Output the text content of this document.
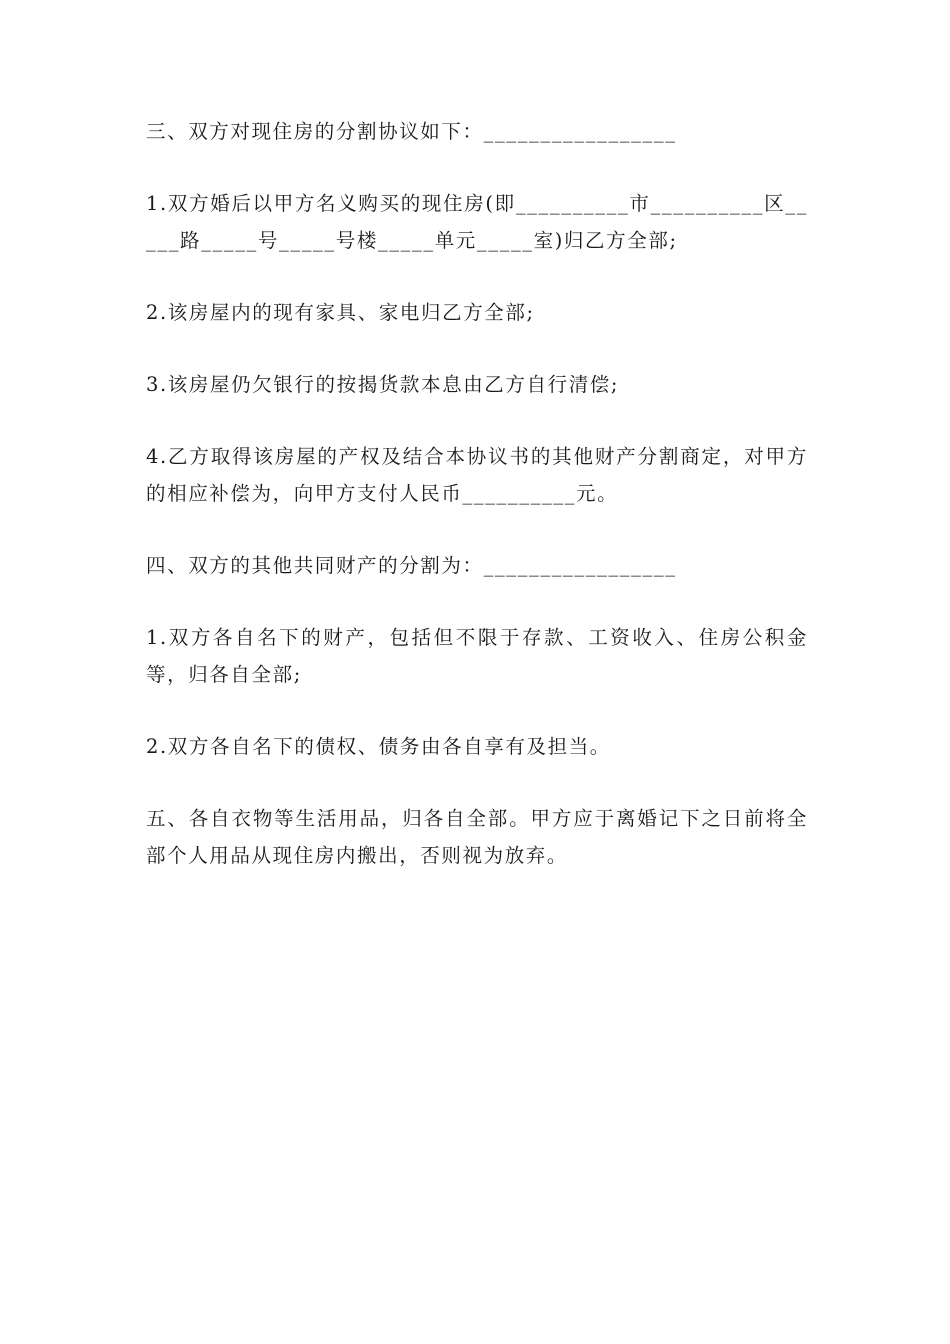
三、双方对现住房的分割协议如下：_________________

1.双方婚后以甲方名义购买的现住房(即__________市__________区_____路_____号_____号楼_____单元_____室)归乙方全部;

2.该房屋内的现有家具、家电归乙方全部;

3.该房屋仍欠银行的按揭货款本息由乙方自行清偿;

4.乙方取得该房屋的产权及结合本协议书的其他财产分割商定，对甲方的相应补偿为，向甲方支付人民币__________元。

四、双方的其他共同财产的分割为：_________________

1.双方各自名下的财产，包括但不限于存款、工资收入、住房公积金等，归各自全部;

2.双方各自名下的债权、债务由各自享有及担当。

五、各自衣物等生活用品，归各自全部。甲方应于离婚记下之日前将全部个人用品从现住房内搬出，否则视为放弃。
